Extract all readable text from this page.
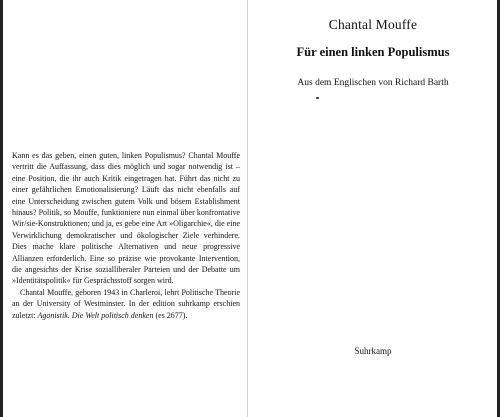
Kann es das geben, einen guten, linken Populismus? Chantal Mouffe vertritt die Auffassung, dass dies möglich und sogar notwendig ist – eine Position, die ihr auch Kritik eingetragen hat. Führt das nicht zu einer gefährlichen Emotionalisierung? Läuft das nicht ebenfalls auf eine Unterscheidung zwischen gutem Volk und bösem Establishment hinaus? Politik, so Mouffe, funktioniere nun einmal über konfrontative Wir/sie-Konstruktionen; und ja, es gebe eine Art »Oligarchie«, die eine Verwirklichung demokratischer und ökologischer Ziele verhindere. Dies mache klare politische Alternativen und neue progressive Allianzen erforderlich. Eine so präzise wie provokante Intervention, die angesichts der Krise sozialliberaler Parteien und der Debatte um »Identitätspolitik« für Gesprächsstoff sorgen wird.

Chantal Mouffe, geboren 1943 in Charleroi, lehrt Politische Theorie an der University of Westminster. In der edition suhrkamp erschien zuletzt: Agonistik. Die Welt politisch denken (es 2677).

Chantal Mouffe
Für einen linken Populismus
Aus dem Englischen von Richard Barth
Suhrkamp
